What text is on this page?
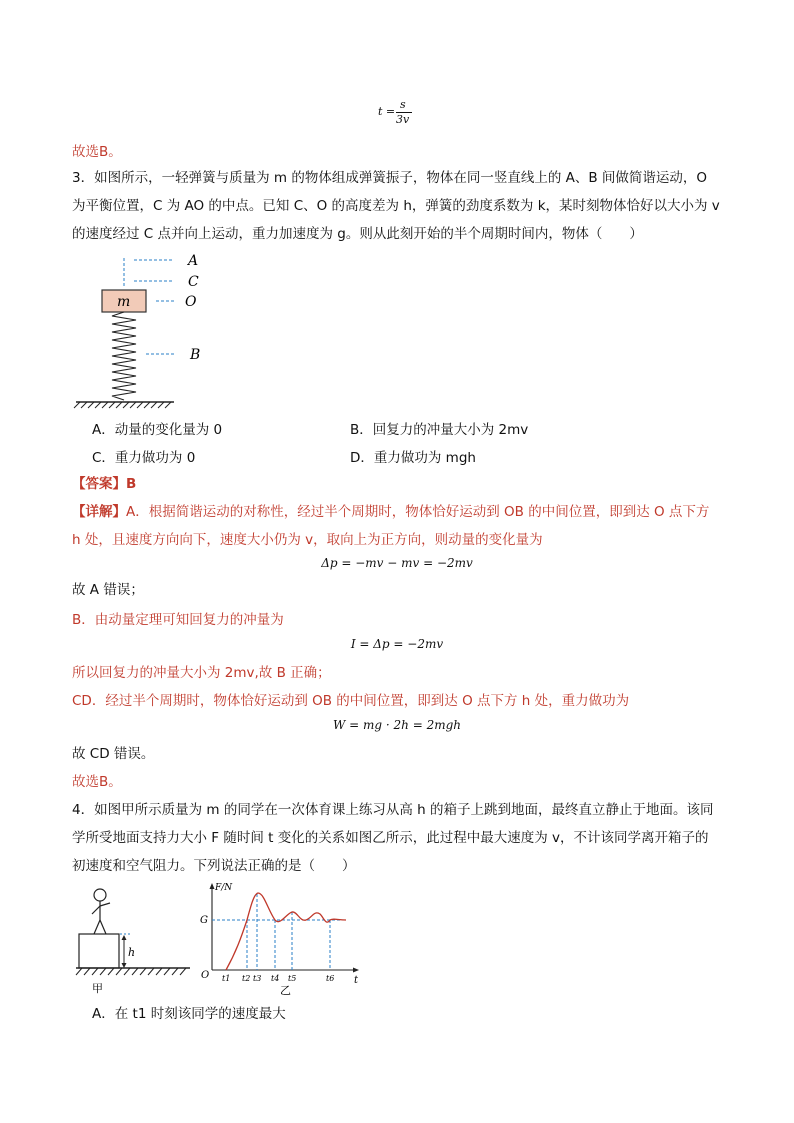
t =
s
3v
故选B。
3．如图所示，一轻弹簧与质量为 m 的物体组成弹簧振子，物体在同一竖直线上的 A、B 间做简谐运动，O
为平衡位置，C 为 AO 的中点。已知 C、O 的高度差为 h，弹簧的劲度系数为 k，某时刻物体恰好以大小为 v
的速度经过 C 点并向上运动，重力加速度为 g。则从此刻开始的半个周期时间内，物体（　　）
m
A
C
O
B
A．动量的变化量为 0	B．回复力的冲量大小为 2mv
C．重力做功为 0	D．重力做功为 mgh
【答案】B
【详解】A．根据简谐运动的对称性，经过半个周期时，物体恰好运动到 OB 的中间位置，即到达 O 点下方
h 处，且速度方向向下，速度大小仍为 v，取向上为正方向，则动量的变化量为
Δp = −mv − mv = −2mv
故 A 错误；
B．由动量定理可知回复力的冲量为
I = Δp = −2mv
所以回复力的冲量大小为 2mv,故 B 正确；
CD．经过半个周期时，物体恰好运动到 OB 的中间位置，即到达 O 点下方 h 处，重力做功为
W = mg · 2h = 2mgh
故 CD 错误。
故选B。
4．如图甲所示质量为 m 的同学在一次体育课上练习从高 h 的箱子上跳到地面，最终直立静止于地面。该同
学所受地面支持力大小 F 随时间 t 变化的关系如图乙所示，此过程中最大速度为 v，不计该同学离开箱子的
初速度和空气阻力。下列说法正确的是（　　）
h
甲
F/N
t
O
G
t1 t2 t3 t4 t5	t6
乙
A．在 t1 时刻该同学的速度最大
